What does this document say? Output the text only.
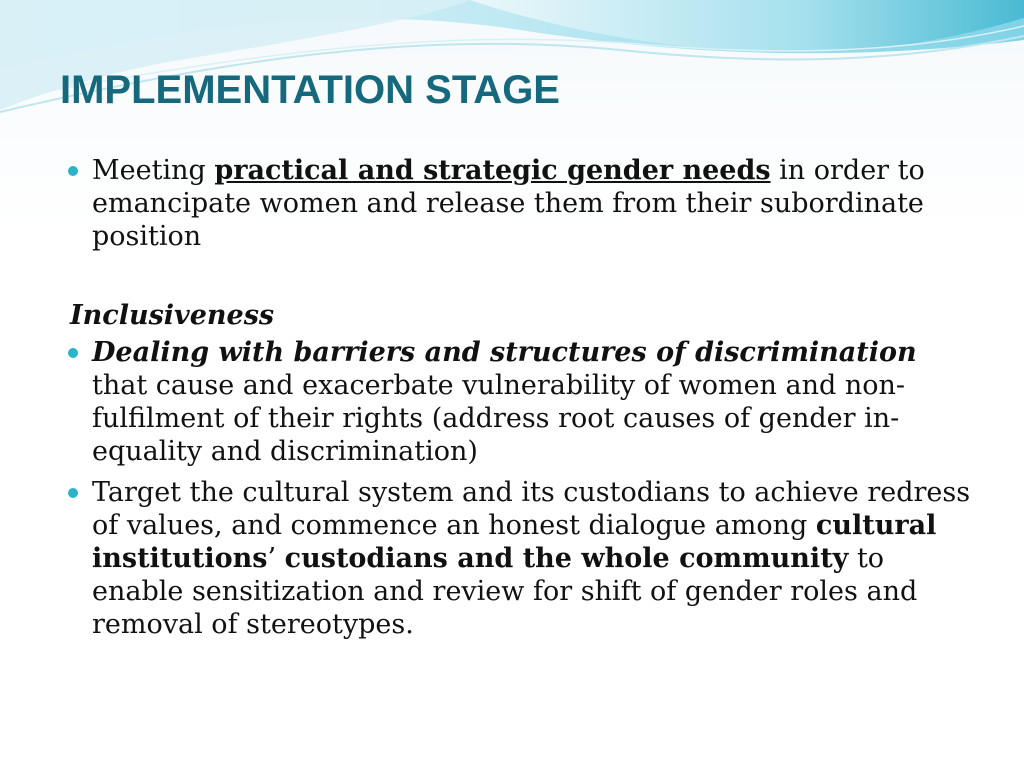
IMPLEMENTATION STAGE

Meeting practical and strategic gender needs in order to emancipate women and release them from their subordinate position

Inclusiveness

Dealing with barriers and structures of discrimination that cause and exacerbate vulnerability of women and non-fulfilment of their rights (address root causes of gender in-equality and discrimination)

Target the cultural system and its custodians to achieve redress of values, and commence an honest dialogue among cultural institutions’ custodians and the whole community to enable sensitization and review for shift of gender roles and removal of stereotypes.
